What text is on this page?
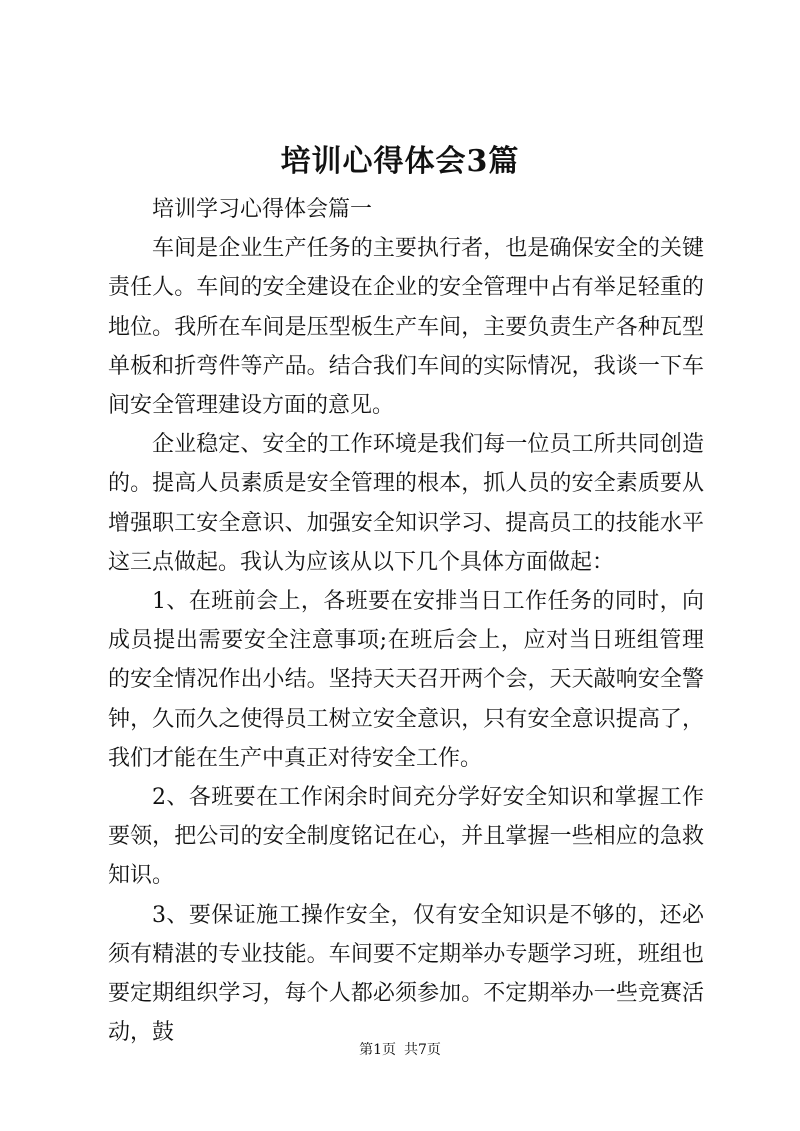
培训心得体会3篇

培训学习心得体会篇一

车间是企业生产任务的主要执行者，也是确保安全的关键责任人。车间的安全建设在企业的安全管理中占有举足轻重的地位。我所在车间是压型板生产车间，主要负责生产各种瓦型单板和折弯件等产品。结合我们车间的实际情况，我谈一下车间安全管理建设方面的意见。

企业稳定、安全的工作环境是我们每一位员工所共同创造的。提高人员素质是安全管理的根本，抓人员的安全素质要从增强职工安全意识、加强安全知识学习、提高员工的技能水平这三点做起。我认为应该从以下几个具体方面做起：

1、在班前会上，各班要在安排当日工作任务的同时，向成员提出需要安全注意事项;在班后会上，应对当日班组管理的安全情况作出小结。坚持天天召开两个会，天天敲响安全警钟，久而久之使得员工树立安全意识，只有安全意识提高了，我们才能在生产中真正对待安全工作。

2、各班要在工作闲余时间充分学好安全知识和掌握工作要领，把公司的安全制度铭记在心，并且掌握一些相应的急救知识。

3、要保证施工操作安全，仅有安全知识是不够的，还必须有精湛的专业技能。车间要不定期举办专题学习班，班组也要定期组织学习，每个人都必须参加。不定期举办一些竞赛活动，鼓

第1页 共7页
